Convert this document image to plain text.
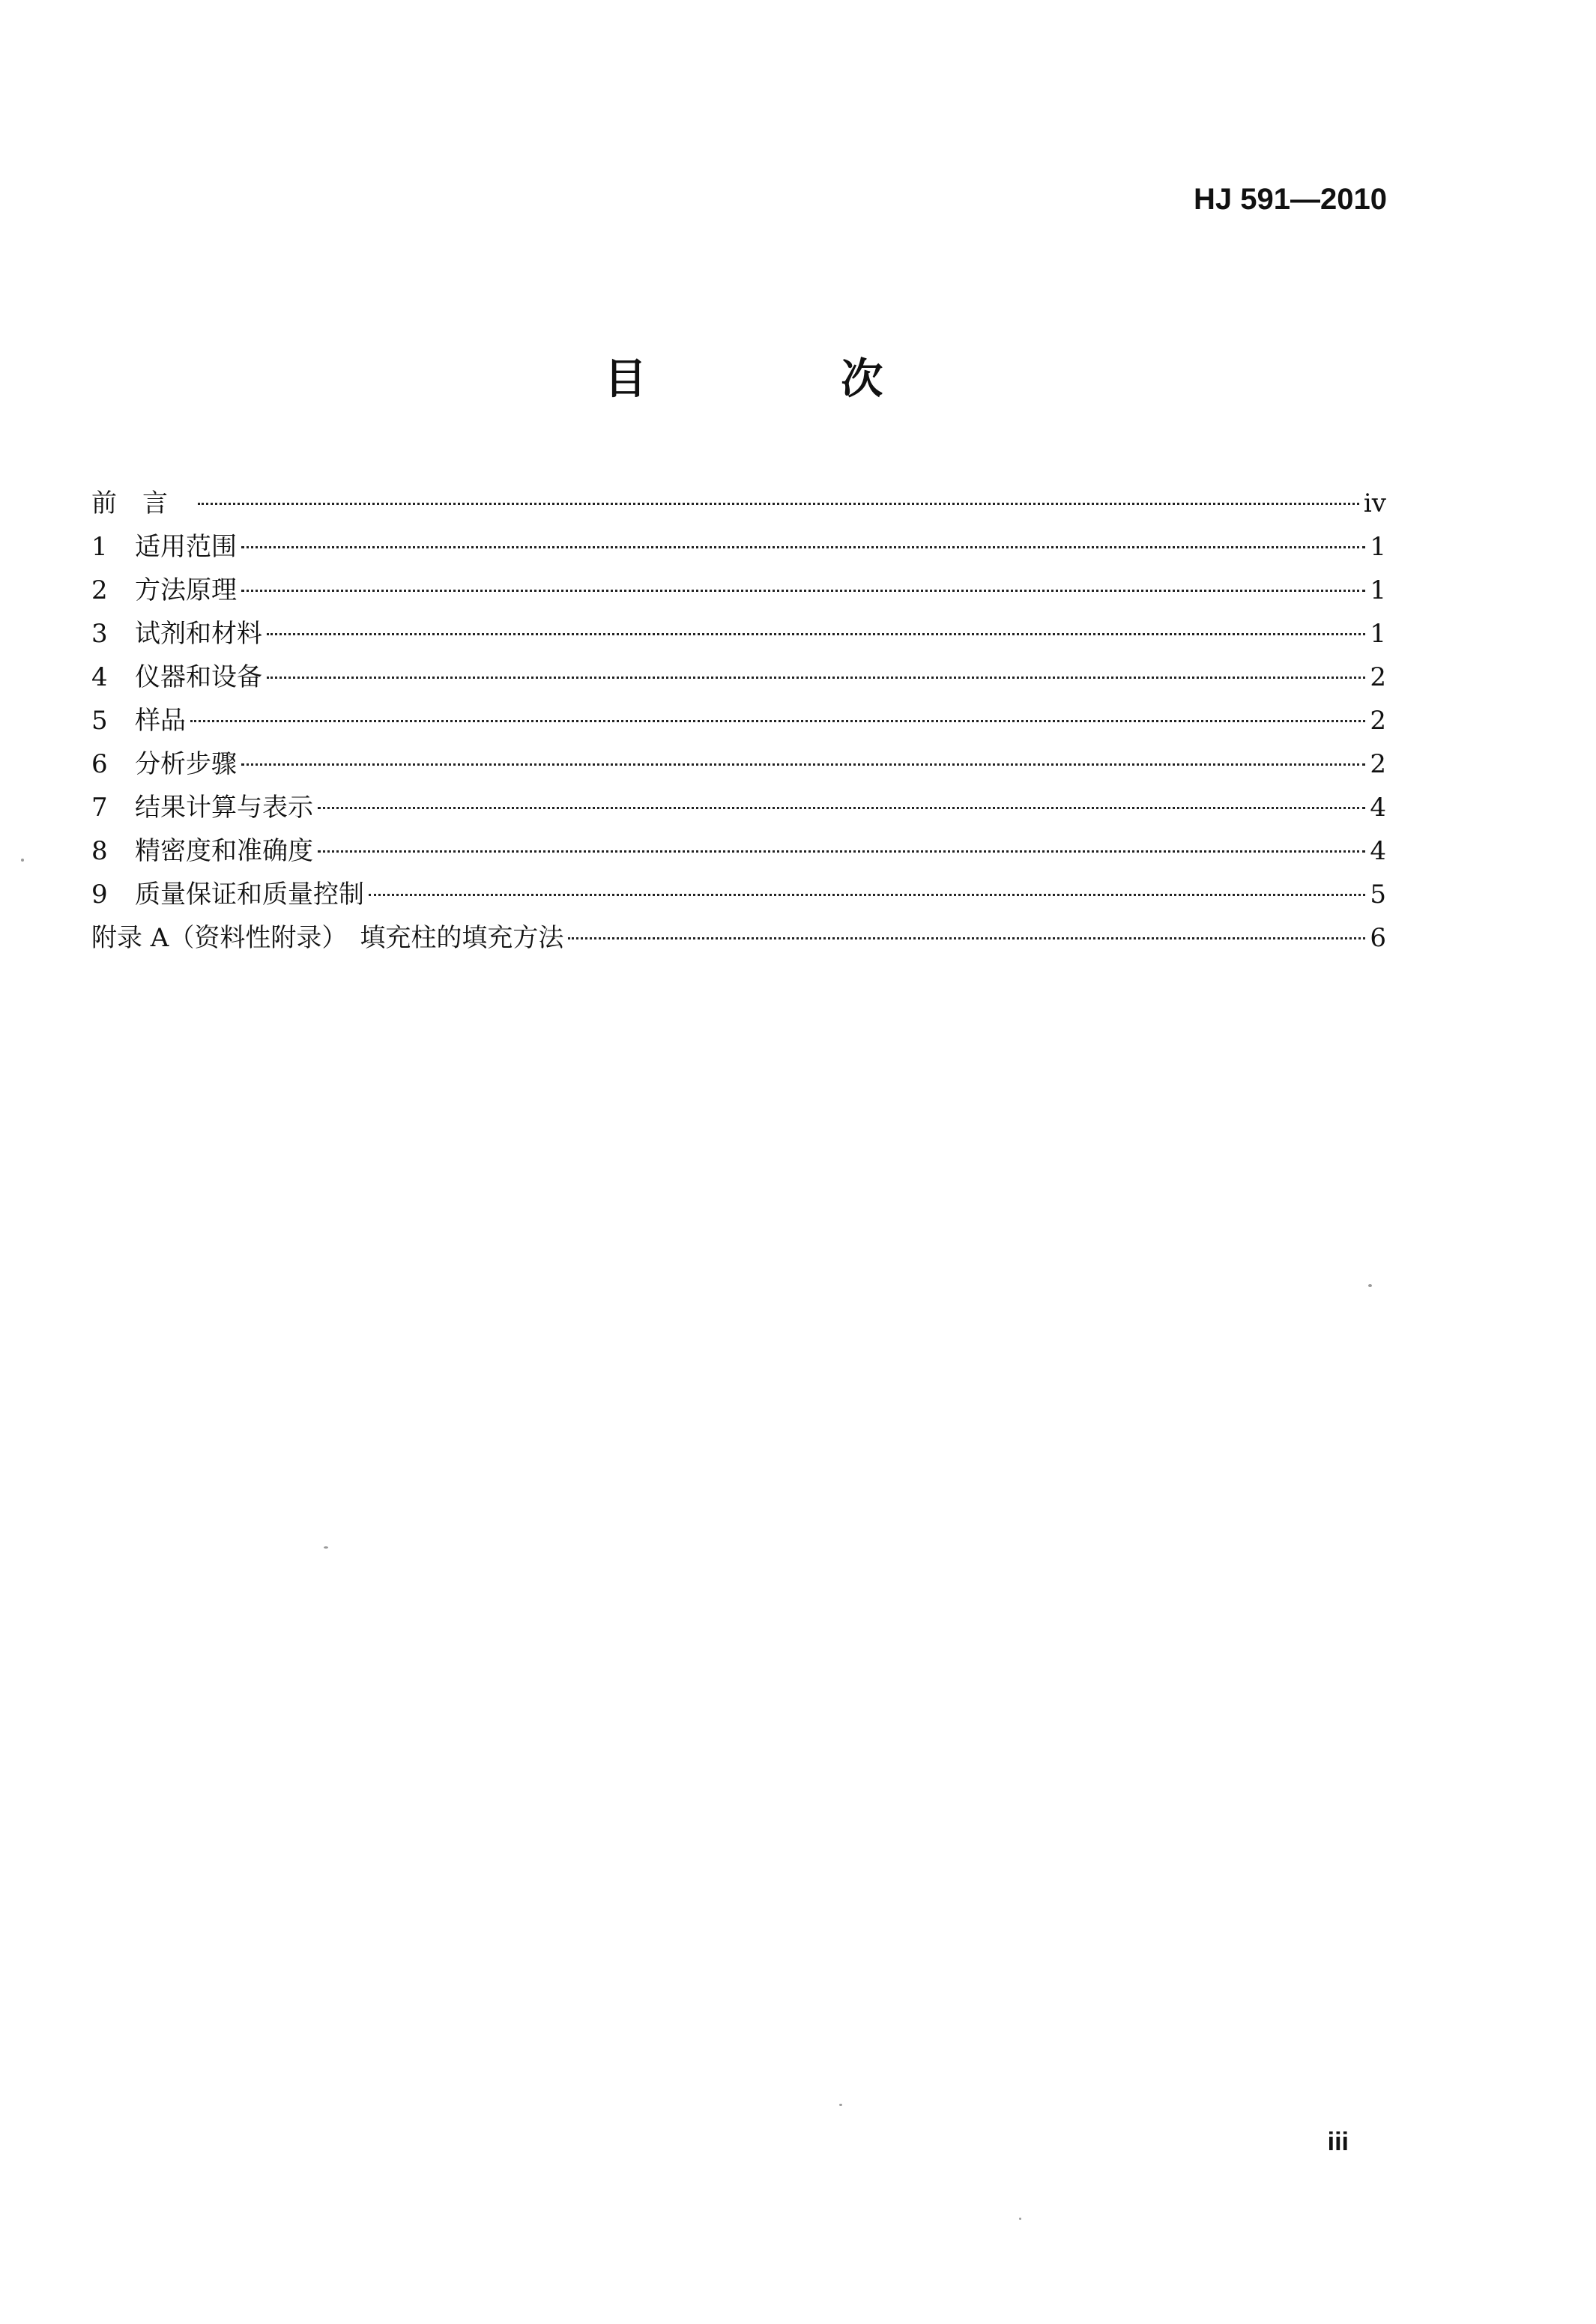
HJ 591—2010
目 次
前言	iv
1	适用范围	1
2	方法原理	1
3	试剂和材料	1
4	仪器和设备	2
5	样品	2
6	分析步骤	2
7	结果计算与表示	4
8	精密度和准确度	4
9	质量保证和质量控制	5
附录 A（资料性附录）　填充柱的填充方法	6
iii
